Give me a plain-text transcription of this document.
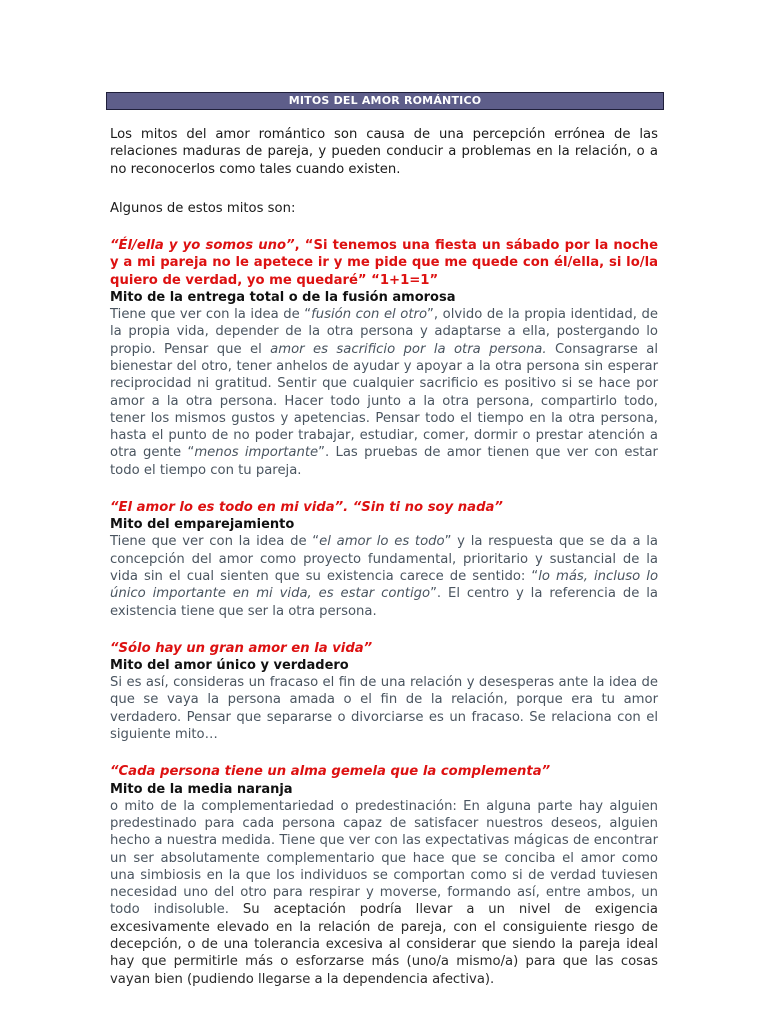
MITOS DEL AMOR ROMÁNTICO

Los mitos del amor romántico son causa de una percepción errónea de las relaciones maduras de pareja, y pueden conducir a problemas en la relación, o a no reconocerlos como tales cuando existen.

Algunos de estos mitos son:

“Él/ella y yo somos uno”, “Si tenemos una fiesta un sábado por la noche y a mi pareja no le apetece ir y me pide que me quede con él/ella, si lo/la quiero de verdad, yo me quedaré” “1+1=1”

Mito de la entrega total o de la fusión amorosa

Tiene que ver con la idea de “fusión con el otro”, olvido de la propia identidad, de la propia vida, depender de la otra persona y adaptarse a ella, postergando lo propio. Pensar que el amor es sacrificio por la otra persona. Consagrarse al bienestar del otro, tener anhelos de ayudar y apoyar a la otra persona sin esperar reciprocidad ni gratitud. Sentir que cualquier sacrificio es positivo si se hace por amor a la otra persona. Hacer todo junto a la otra persona, compartirlo todo, tener los mismos gustos y apetencias. Pensar todo el tiempo en la otra persona, hasta el punto de no poder trabajar, estudiar, comer, dormir o prestar atención a otra gente “menos importante”. Las pruebas de amor tienen que ver con estar todo el tiempo con tu pareja.

“El amor lo es todo en mi vida”. “Sin ti no soy nada”

Mito del emparejamiento

Tiene que ver con la idea de “el amor lo es todo” y la respuesta que se da a la concepción del amor como proyecto fundamental, prioritario y sustancial de la vida sin el cual sienten que su existencia carece de sentido: “lo más, incluso lo único importante en mi vida, es estar contigo”. El centro y la referencia de la existencia tiene que ser la otra persona.

“Sólo hay un gran amor en la vida”

Mito del amor único y verdadero

Si es así, consideras un fracaso el fin de una relación y desesperas ante la idea de que se vaya la persona amada o el fin de la relación, porque era tu amor verdadero. Pensar que separarse o divorciarse es un fracaso. Se relaciona con el siguiente mito…

“Cada persona tiene un alma gemela que la complementa”

Mito de la media naranja

o mito de la complementariedad o predestinación: En alguna parte hay alguien predestinado para cada persona capaz de satisfacer nuestros deseos, alguien hecho a nuestra medida. Tiene que ver con las expectativas mágicas de encontrar un ser absolutamente complementario que hace que se conciba el amor como una simbiosis en la que los individuos se comportan como si de verdad tuviesen necesidad uno del otro para respirar y moverse, formando así, entre ambos, un todo indisoluble. Su aceptación podría llevar a un nivel de exigencia excesivamente elevado en la relación de pareja, con el consiguiente riesgo de decepción, o de una tolerancia excesiva al considerar que siendo la pareja ideal hay que permitirle más o esforzarse más (uno/a mismo/a) para que las cosas vayan bien (pudiendo llegarse a la dependencia afectiva).
